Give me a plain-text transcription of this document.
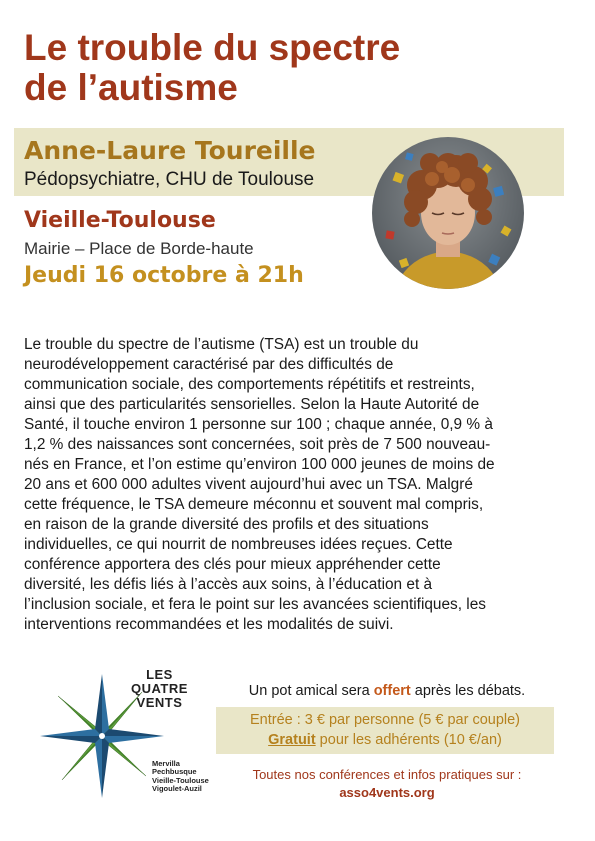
Le trouble du spectre
de l’autisme
Anne-Laure Toureille
Pédopsychiatre, CHU de Toulouse
Vieille-Toulouse
Mairie – Place de Borde-haute
Jeudi 16 octobre à 21h
Le trouble du spectre de l’autisme (TSA) est un trouble du
neurodéveloppement caractérisé par des difficultés de
communication sociale, des comportements répétitifs et restreints,
ainsi que des particularités sensorielles. Selon la Haute Autorité de
Santé, il touche environ 1 personne sur 100 ; chaque année, 0,9 % à
1,2 % des naissances sont concernées, soit près de 7 500 nouveau-
nés en France, et l’on estime qu’environ 100 000 jeunes de moins de
20 ans et 600 000 adultes vivent aujourd’hui avec un TSA. Malgré
cette fréquence, le TSA demeure méconnu et souvent mal compris,
en raison de la grande diversité des profils et des situations
individuelles, ce qui nourrit de nombreuses idées reçues. Cette
conférence apportera des clés pour mieux appréhender cette
diversité, les défis liés à l’accès aux soins, à l’éducation et à
l’inclusion sociale, et fera le point sur les avancées scientifiques, les
interventions recommandées et les modalités de suivi.
LES
QUATRE
VENTS
Mervilla
Pechbusque
Vieille-Toulouse
Vigoulet-Auzil
Un pot amical sera offert après les débats.
Entrée : 3 € par personne (5 € par couple)
Gratuit pour les adhérents (10 €/an)
Toutes nos conférences et infos pratiques sur :
asso4vents.org
